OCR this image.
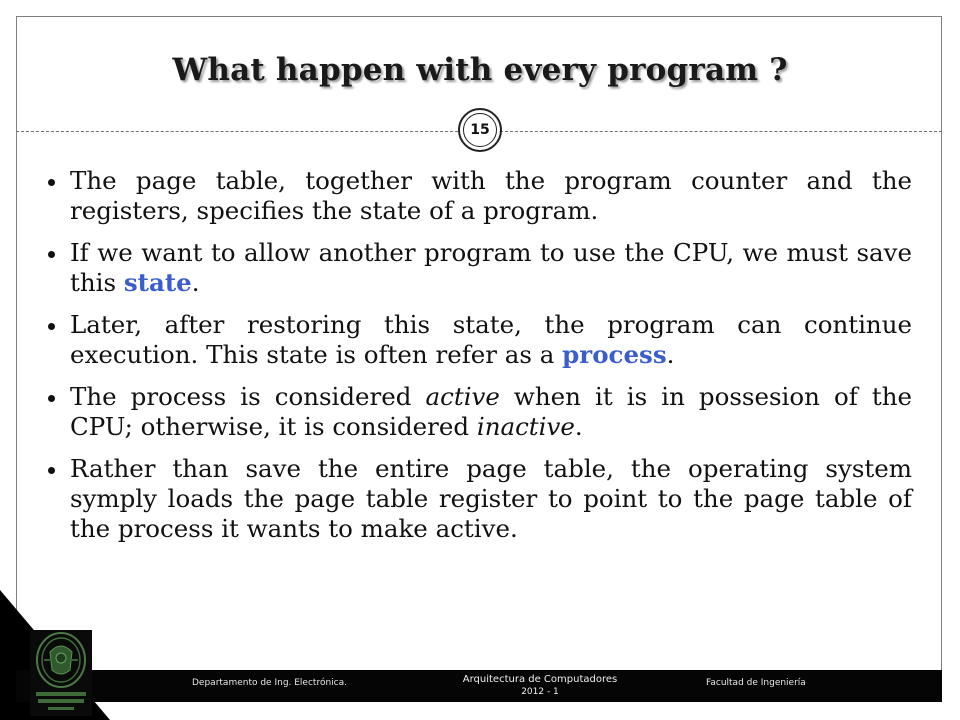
What happen with every program ?
15
The page table, together with the program counter and the registers, specifies the state of a program.
If we want to allow another program to use the CPU, we must save this state.
Later, after restoring this state, the program can continue execution. This state is often refer as a process.
The process is considered active when it is in possesion of the CPU; otherwise, it is considered inactive.
Rather than save the entire page table, the operating system symply loads the page table register to point to the page table of the process it wants to make active.
Departamento de Ing. Electrónica.	Arquitectura de Computadores
2012 - 1
Facultad de Ingeniería
